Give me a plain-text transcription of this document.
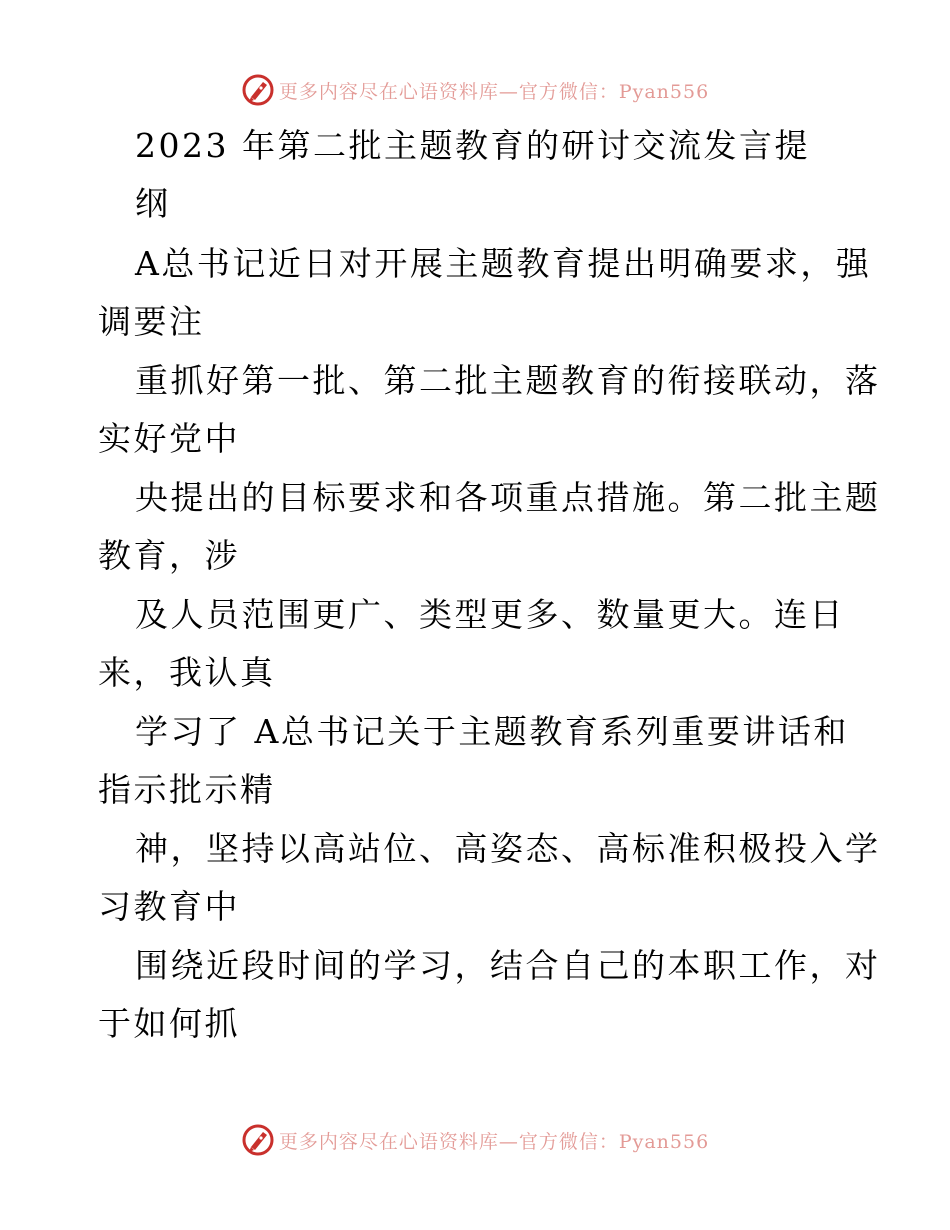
更多内容尽在心语资料库—官方微信：Pyan556

2023 年第二批主题教育的研讨交流发言提

纲

A总书记近日对开展主题教育提出明确要求，强

调要注

重抓好第一批、第二批主题教育的衔接联动，落

实好党中

央提出的目标要求和各项重点措施。第二批主题

教育，涉

及人员范围更广、类型更多、数量更大。连日

来，我认真

学习了 A总书记关于主题教育系列重要讲话和

指示批示精

神，坚持以高站位、高姿态、高标准积极投入学

习教育中

围绕近段时间的学习，结合自己的本职工作，对

于如何抓

更多内容尽在心语资料库—官方微信：Pyan556
